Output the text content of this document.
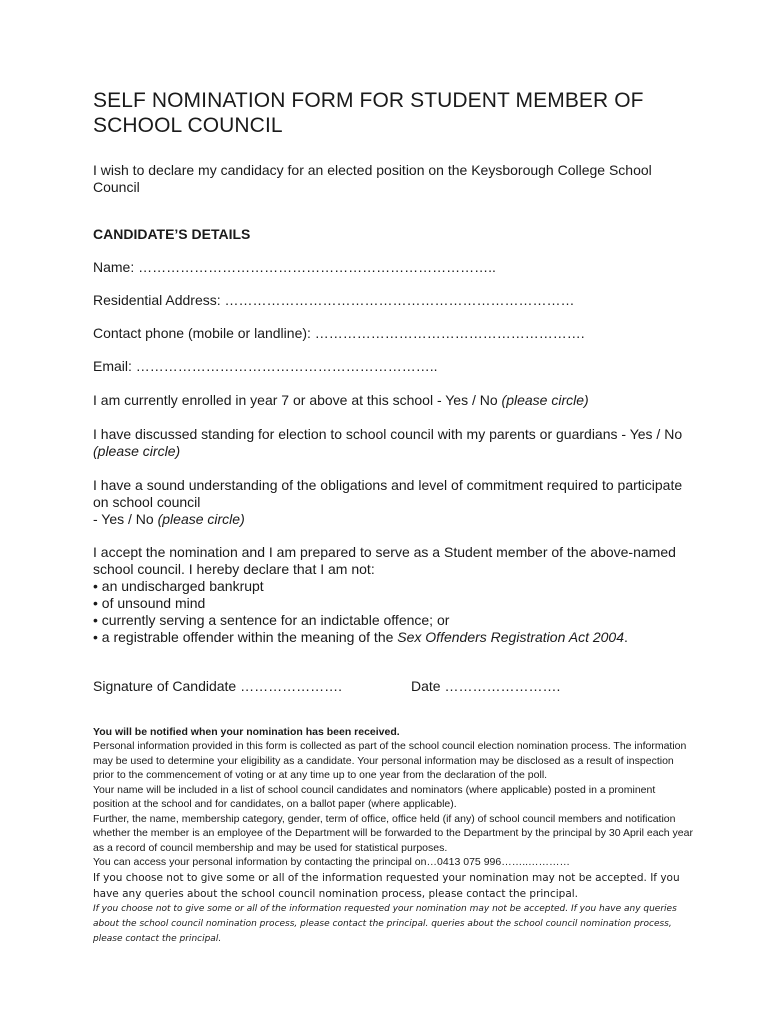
SELF NOMINATION FORM FOR STUDENT MEMBER OF SCHOOL COUNCIL
I wish to declare my candidacy for an elected position on the Keysborough College School Council
CANDIDATE’S DETAILS
Name: …………………………………………………………………..
Residential Address: …………………………………………………………………
Contact phone (mobile or landline): ………………………………………………….
Email: ………………………………………………………..
I am currently enrolled in year 7 or above at this school - Yes / No (please circle)
I have discussed standing for election to school council with my parents or guardians - Yes / No (please circle)
I have a sound understanding of the obligations and level of commitment required to participate on school council
- Yes / No (please circle)
I accept the nomination and I am prepared to serve as a Student member of the above-named school council. I hereby declare that I am not:
• an undischarged bankrupt
• of unsound mind
• currently serving a sentence for an indictable offence; or
• a registrable offender within the meaning of the Sex Offenders Registration Act 2004.
Signature of Candidate ………………….	Date …………………….
You will be notified when your nomination has been received.
Personal information provided in this form is collected as part of the school council election nomination process. The information may be used to determine your eligibility as a candidate. Your personal information may be disclosed as a result of inspection prior to the commencement of voting or at any time up to one year from the declaration of the poll.
Your name will be included in a list of school council candidates and nominators (where applicable) posted in a prominent position at the school and for candidates, on a ballot paper (where applicable).
Further, the name, membership category, gender, term of office, office held (if any) of school council members and notification whether the member is an employee of the Department will be forwarded to the Department by the principal by 30 April each year as a record of council membership and may be used for statistical purposes.
You can access your personal information by contacting the principal on…0413 075 996……..…………
If you choose not to give some or all of the information requested your nomination may not be accepted. If you have any queries about the school council nomination process, please contact the principal.
If you choose not to give some or all of the information requested your nomination may not be accepted. If you have any queries about the school council nomination process, please contact the principal. queries about the school council nomination process, please contact the principal.
